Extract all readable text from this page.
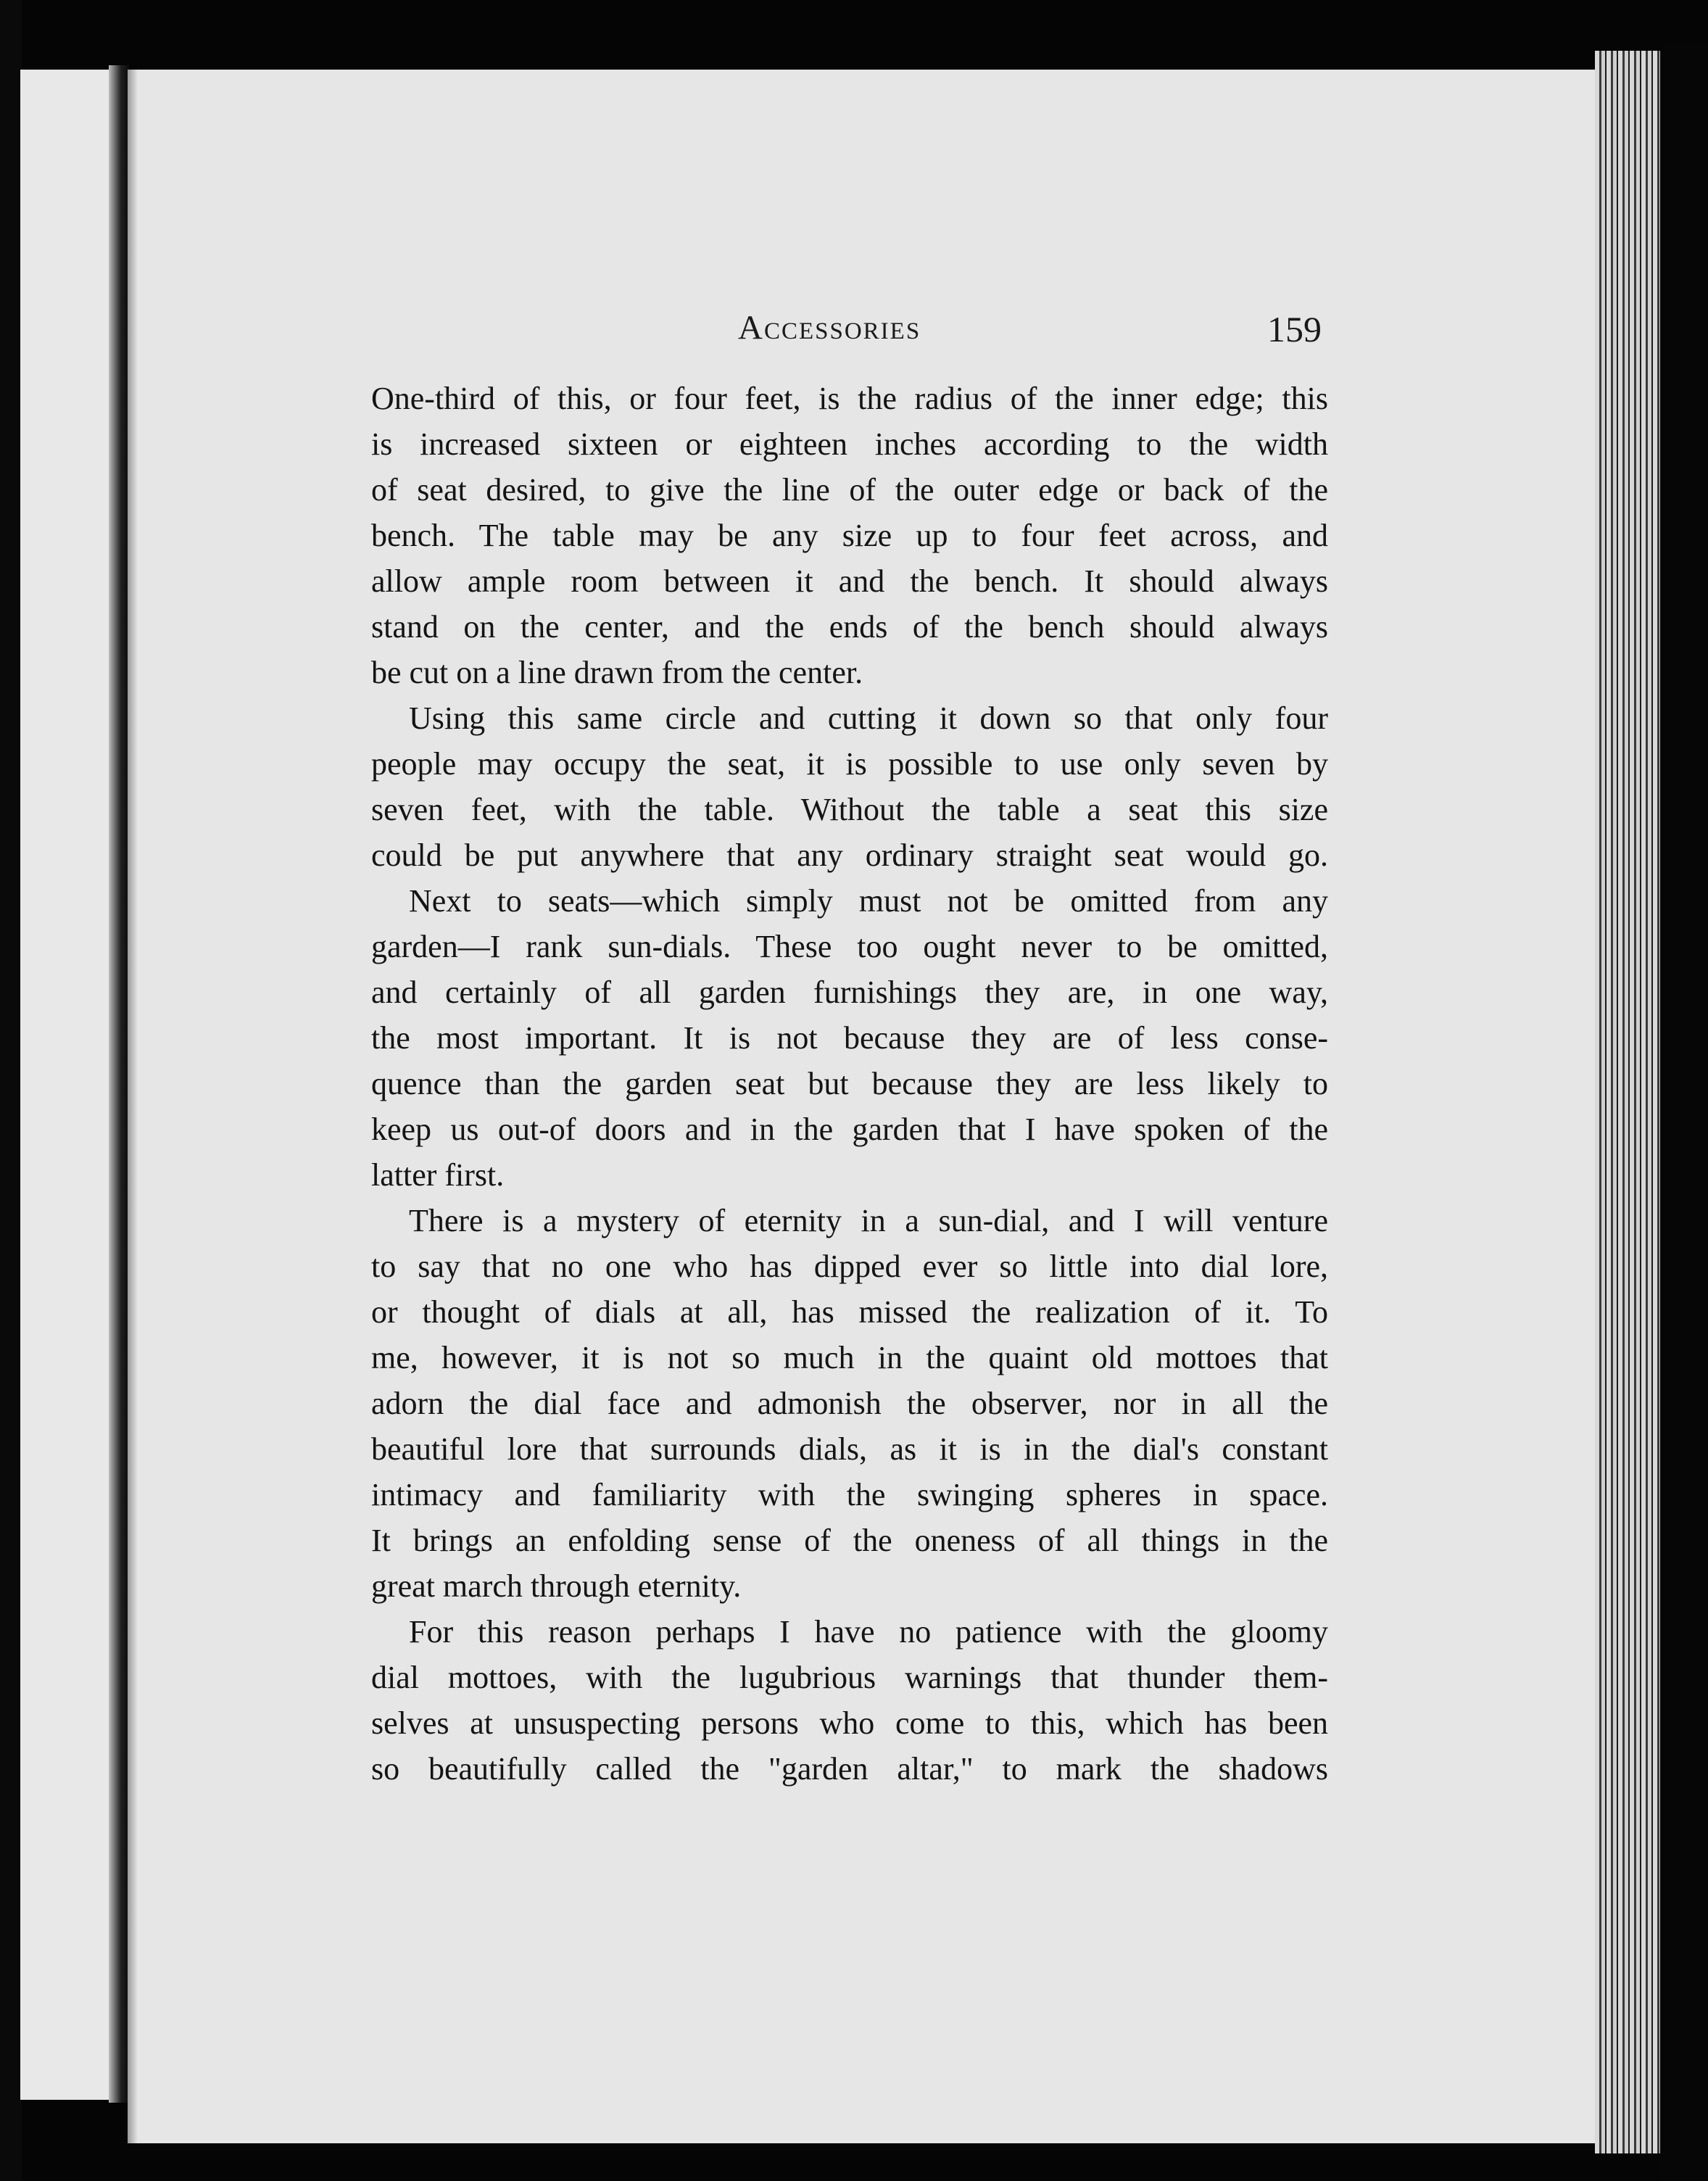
Accessories	159
One-third of this, or four feet, is the radius of the inner edge; this
is increased sixteen or eighteen inches according to the width
of seat desired, to give the line of the outer edge or back of the
bench. The table may be any size up to four feet across, and
allow ample room between it and the bench. It should always
stand on the center, and the ends of the bench should always
be cut on a line drawn from the center.
Using this same circle and cutting it down so that only four
people may occupy the seat, it is possible to use only seven by
seven feet, with the table. Without the table a seat this size
could be put anywhere that any ordinary straight seat would go.
Next to seats—which simply must not be omitted from any
garden—I rank sun-dials. These too ought never to be omitted,
and certainly of all garden furnishings they are, in one way,
the most important. It is not because they are of less conse-
quence than the garden seat but because they are less likely to
keep us out-of doors and in the garden that I have spoken of the
latter first.
There is a mystery of eternity in a sun-dial, and I will venture
to say that no one who has dipped ever so little into dial lore,
or thought of dials at all, has missed the realization of it. To
me, however, it is not so much in the quaint old mottoes that
adorn the dial face and admonish the observer, nor in all the
beautiful lore that surrounds dials, as it is in the dial's constant
intimacy and familiarity with the swinging spheres in space.
It brings an enfolding sense of the oneness of all things in the
great march through eternity.
For this reason perhaps I have no patience with the gloomy
dial mottoes, with the lugubrious warnings that thunder them-
selves at unsuspecting persons who come to this, which has been
so beautifully called the "garden altar," to mark the shadows
